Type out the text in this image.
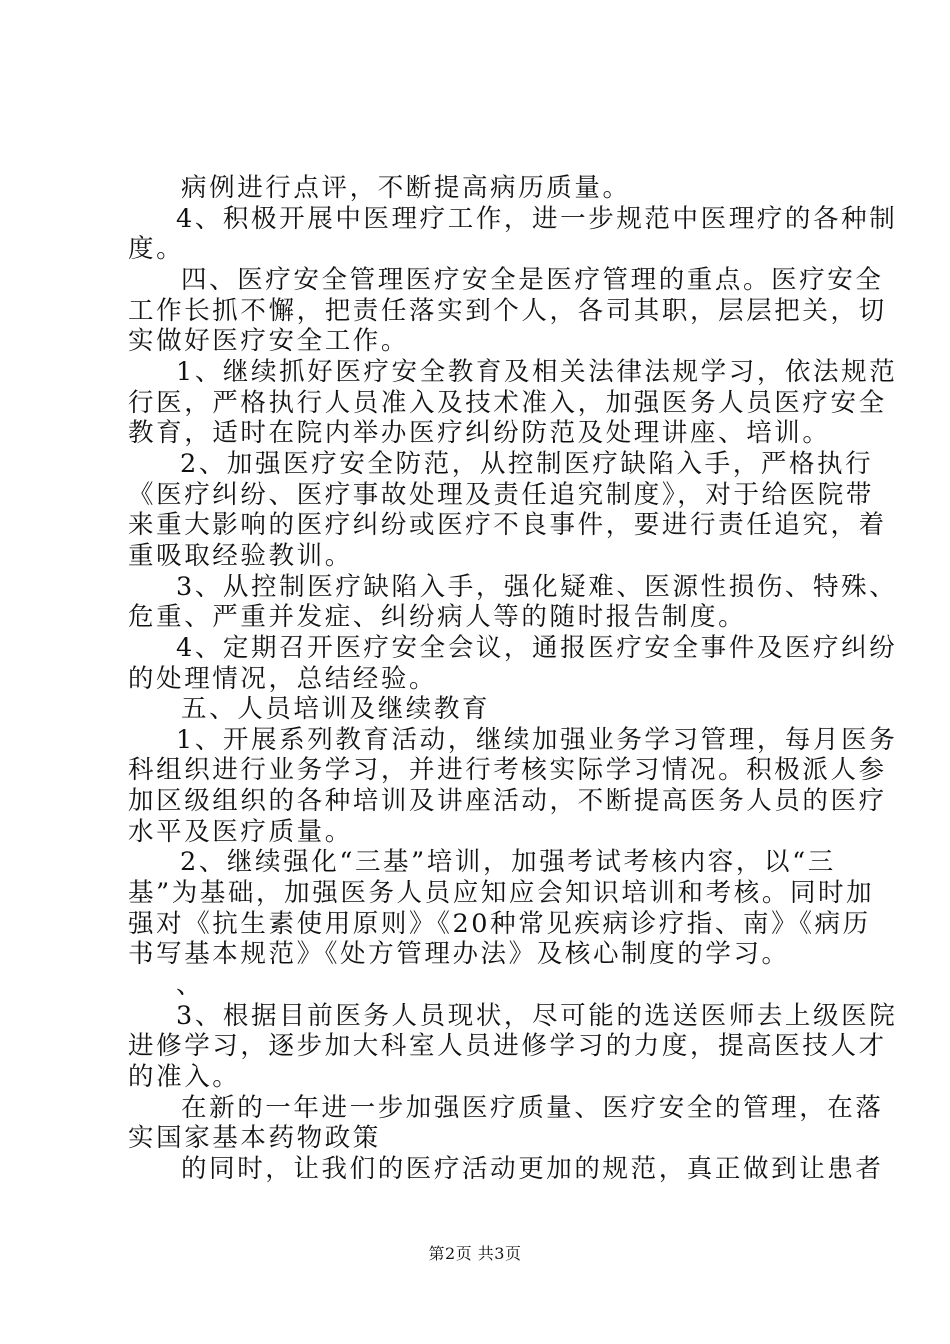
病例进行点评，不断提高病历质量。
4、积极开展中医理疗工作，进一步规范中医理疗的各种制
度。
四、医疗安全管理医疗安全是医疗管理的重点。医疗安全
工作长抓不懈，把责任落实到个人，各司其职，层层把关，切
实做好医疗安全工作。
1、继续抓好医疗安全教育及相关法律法规学习，依法规范
行医，严格执行人员准入及技术准入，加强医务人员医疗安全
教育，适时在院内举办医疗纠纷防范及处理讲座、培训。
2、加强医疗安全防范，从控制医疗缺陷入手，严格执行
《医疗纠纷、医疗事故处理及责任追究制度》，对于给医院带
来重大影响的医疗纠纷或医疗不良事件，要进行责任追究，着
重吸取经验教训。
3、从控制医疗缺陷入手，强化疑难、医源性损伤、特殊、
危重、严重并发症、纠纷病人等的随时报告制度。
4、定期召开医疗安全会议，通报医疗安全事件及医疗纠纷
的处理情况，总结经验。
五、人员培训及继续教育
1、开展系列教育活动，继续加强业务学习管理，每月医务
科组织进行业务学习，并进行考核实际学习情况。积极派人参
加区级组织的各种培训及讲座活动，不断提高医务人员的医疗
水平及医疗质量。
2、继续强化“三基”培训，加强考试考核内容，以“三
基”为基础，加强医务人员应知应会知识培训和考核。同时加
强对《抗生素使用原则》《20种常见疾病诊疗指、南》《病历
书写基本规范》《处方管理办法》及核心制度的学习。
、
3、根据目前医务人员现状，尽可能的选送医师去上级医院
进修学习，逐步加大科室人员进修学习的力度，提高医技人才
的准入。
在新的一年进一步加强医疗质量、医疗安全的管理，在落
实国家基本药物政策
的同时，让我们的医疗活动更加的规范，真正做到让患者
第2页 共3页
